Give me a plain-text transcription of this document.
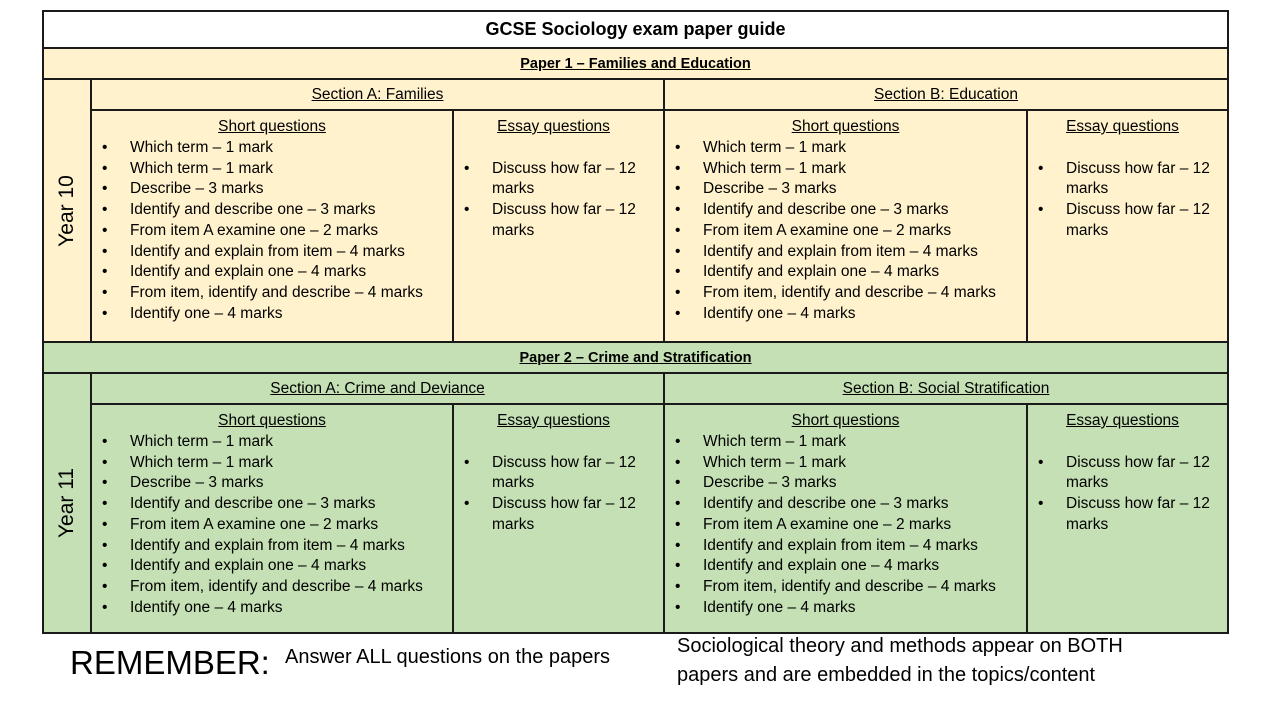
GCSE Sociology exam paper guide
Paper 1 – Families and Education
Year 10
Section A: Families
Short questions
• Which term – 1 mark
• Which term – 1 mark
• Describe – 3 marks
• Identify and describe one – 3 marks
• From item A examine one – 2 marks
• Identify and explain from item – 4 marks
• Identify and explain one – 4 marks
• From item, identify and describe – 4 marks
• Identify one – 4 marks
Essay questions
• Discuss how far – 12 marks
• Discuss how far – 12 marks
Section B: Education
Short questions
• Which term – 1 mark
• Which term – 1 mark
• Describe – 3 marks
• Identify and describe one – 3 marks
• From item A examine one – 2 marks
• Identify and explain from item – 4 marks
• Identify and explain one – 4 marks
• From item, identify and describe – 4 marks
• Identify one – 4 marks
Essay questions
• Discuss how far – 12 marks
• Discuss how far – 12 marks
Paper 2 – Crime and Stratification
Year 11
Section A: Crime and Deviance
Short questions
• Which term – 1 mark
• Which term – 1 mark
• Describe – 3 marks
• Identify and describe one – 3 marks
• From item A examine one – 2 marks
• Identify and explain from item – 4 marks
• Identify and explain one – 4 marks
• From item, identify and describe – 4 marks
• Identify one – 4 marks
Essay questions
• Discuss how far – 12 marks
• Discuss how far – 12 marks
Section B: Social Stratification
Short questions
• Which term – 1 mark
• Which term – 1 mark
• Describe – 3 marks
• Identify and describe one – 3 marks
• From item A examine one – 2 marks
• Identify and explain from item – 4 marks
• Identify and explain one – 4 marks
• From item, identify and describe – 4 marks
• Identify one – 4 marks
Essay questions
• Discuss how far – 12 marks
• Discuss how far – 12 marks
REMEMBER: Answer ALL questions on the papers	Sociological theory and methods appear on BOTH
papers and are embedded in the topics/content
